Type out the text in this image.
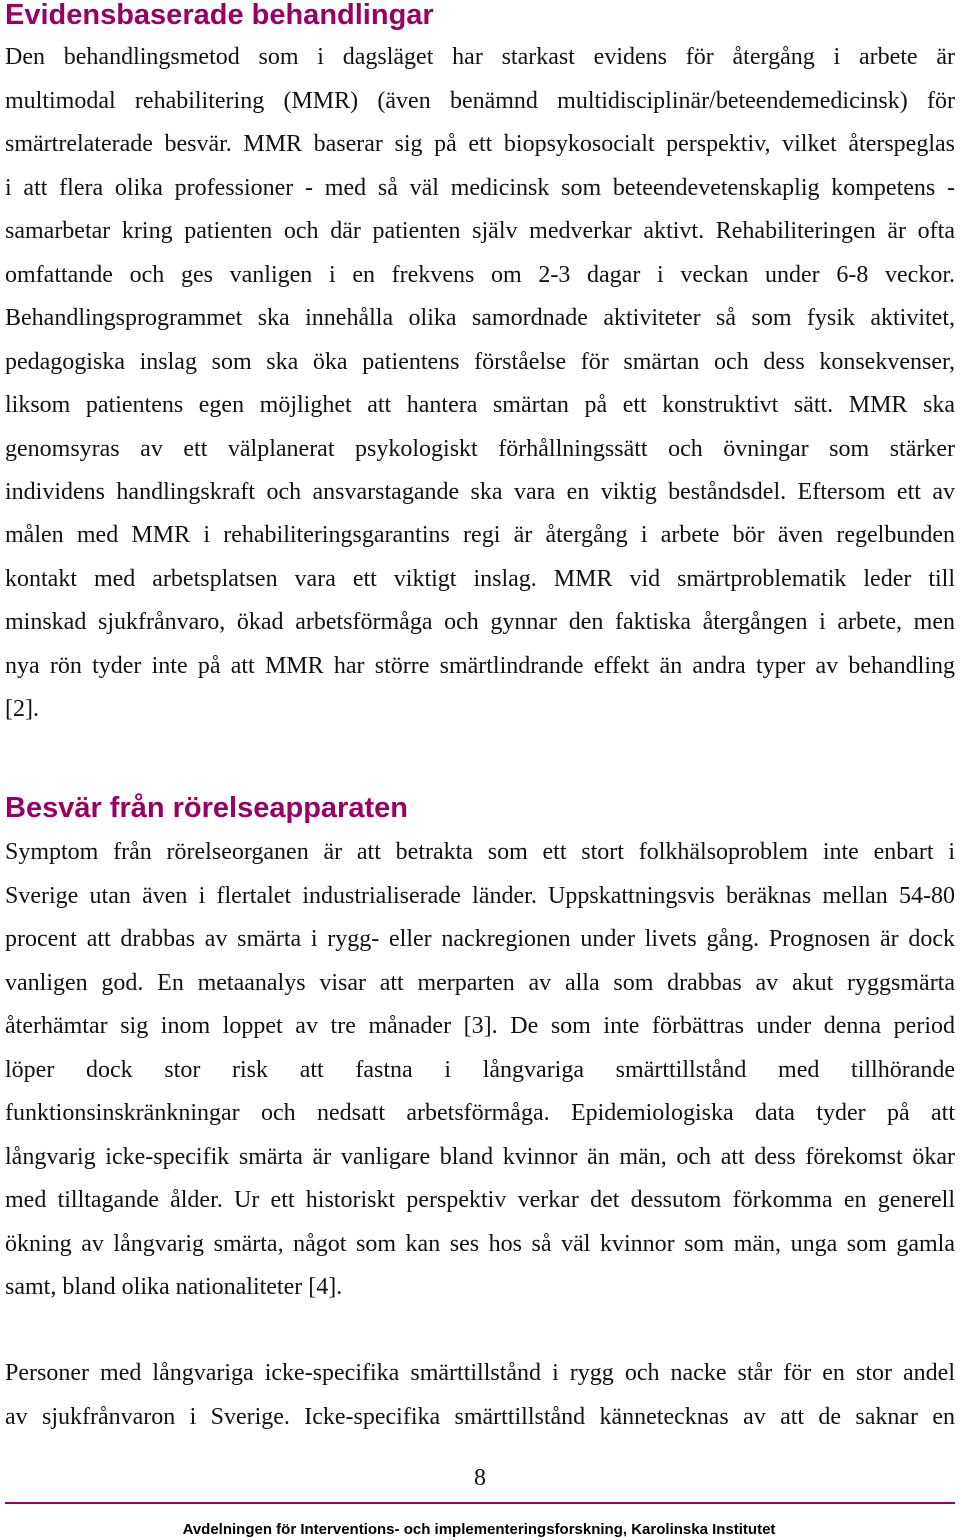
Evidensbaserade behandlingar
Den behandlingsmetod som i dagsläget har starkast evidens för återgång i arbete är
multimodal rehabilitering (MMR) (även benämnd multidisciplinär/beteendemedicinsk) för
smärtrelaterade besvär. MMR baserar sig på ett biopsykosocialt perspektiv, vilket återspeglas
i att flera olika professioner - med så väl medicinsk som beteendevetenskaplig kompetens -
samarbetar kring patienten och där patienten själv medverkar aktivt. Rehabiliteringen är ofta
omfattande och ges vanligen i en frekvens om 2-3 dagar i veckan under 6-8 veckor.
Behandlingsprogrammet ska innehålla olika samordnade aktiviteter så som fysik aktivitet,
pedagogiska inslag som ska öka patientens förståelse för smärtan och dess konsekvenser,
liksom patientens egen möjlighet att hantera smärtan på ett konstruktivt sätt. MMR ska
genomsyras av ett välplanerat psykologiskt förhållningssätt och övningar som stärker
individens handlingskraft och ansvarstagande ska vara en viktig beståndsdel. Eftersom ett av
målen med MMR i rehabiliteringsgarantins regi är återgång i arbete bör även regelbunden
kontakt med arbetsplatsen vara ett viktigt inslag. MMR vid smärtproblematik leder till
minskad sjukfrånvaro, ökad arbetsförmåga och gynnar den faktiska återgången i arbete, men
nya rön tyder inte på att MMR har större smärtlindrande effekt än andra typer av behandling
[2].
Besvär från rörelseapparaten
Symptom från rörelseorganen är att betrakta som ett stort folkhälsoproblem inte enbart i
Sverige utan även i flertalet industrialiserade länder. Uppskattningsvis beräknas mellan 54-80
procent att drabbas av smärta i rygg- eller nackregionen under livets gång. Prognosen är dock
vanligen god. En metaanalys visar att merparten av alla som drabbas av akut ryggsmärta
återhämtar sig inom loppet av tre månader [3]. De som inte förbättras under denna period
löper dock stor risk att fastna i långvariga smärttillstånd med tillhörande
funktionsinskränkningar och nedsatt arbetsförmåga. Epidemiologiska data tyder på att
långvarig icke-specifik smärta är vanligare bland kvinnor än män, och att dess förekomst ökar
med tilltagande ålder. Ur ett historiskt perspektiv verkar det dessutom förkomma en generell
ökning av långvarig smärta, något som kan ses hos så väl kvinnor som män, unga som gamla
samt, bland olika nationaliteter [4].
Personer med långvariga icke-specifika smärttillstånd i rygg och nacke står för en stor andel
av sjukfrånvaron i Sverige. Icke-specifika smärttillstånd kännetecknas av att de saknar en
8
Avdelningen för Interventions- och implementeringsforskning, Karolinska Institutet
